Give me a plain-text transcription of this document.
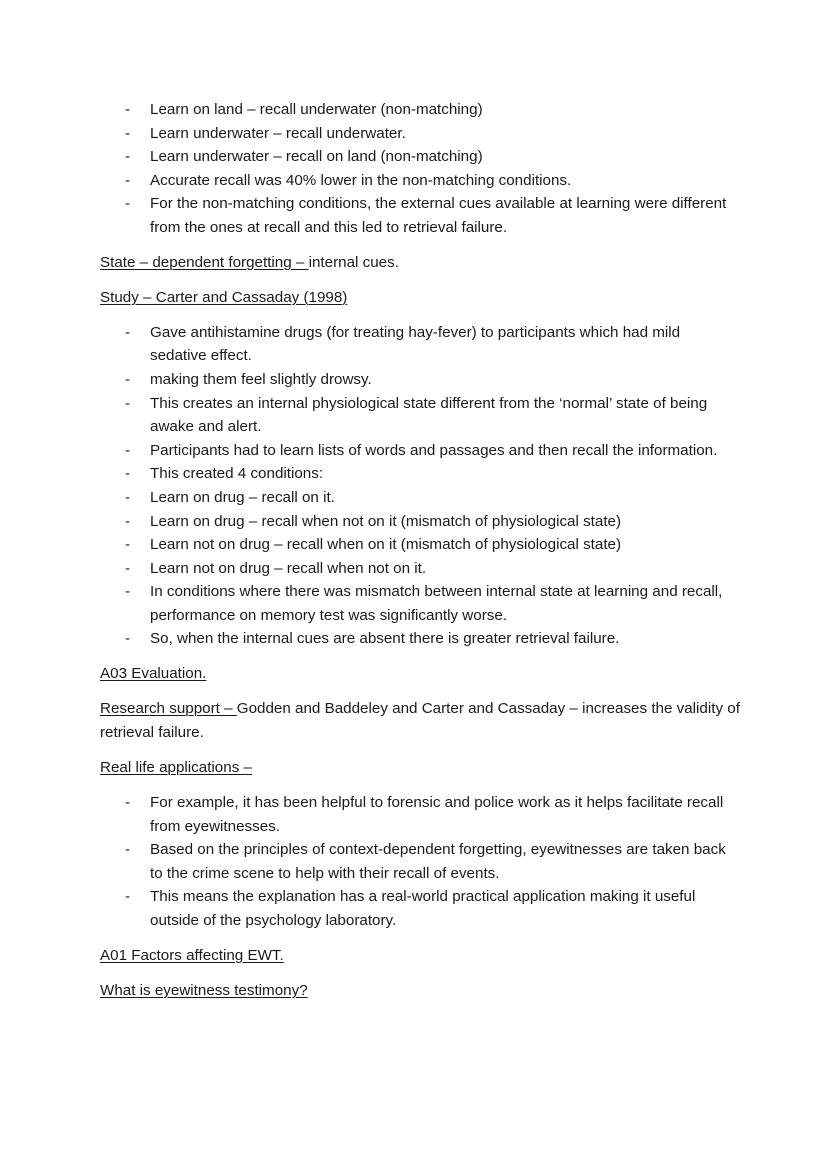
- Learn on land – recall underwater (non-matching)
- Learn underwater – recall underwater.
- Learn underwater – recall on land (non-matching)
- Accurate recall was 40% lower in the non-matching conditions.
- For the non-matching conditions, the external cues available at learning were different from the ones at recall and this led to retrieval failure.

State – dependent forgetting – internal cues.

Study – Carter and Cassaday (1998)

- Gave antihistamine drugs (for treating hay-fever) to participants which had mild sedative effect.
- making them feel slightly drowsy.
- This creates an internal physiological state different from the ‘normal’ state of being awake and alert.
- Participants had to learn lists of words and passages and then recall the information.
- This created 4 conditions:
- Learn on drug – recall on it.
- Learn on drug – recall when not on it (mismatch of physiological state)
- Learn not on drug – recall when on it (mismatch of physiological state)
- Learn not on drug – recall when not on it.
- In conditions where there was mismatch between internal state at learning and recall, performance on memory test was significantly worse.
- So, when the internal cues are absent there is greater retrieval failure.

A03 Evaluation.

Research support – Godden and Baddeley and Carter and Cassaday – increases the validity of retrieval failure.

Real life applications –

- For example, it has been helpful to forensic and police work as it helps facilitate recall from eyewitnesses.
- Based on the principles of context-dependent forgetting, eyewitnesses are taken back to the crime scene to help with their recall of events.
- This means the explanation has a real-world practical application making it useful outside of the psychology laboratory.

A01 Factors affecting EWT.

What is eyewitness testimony?
